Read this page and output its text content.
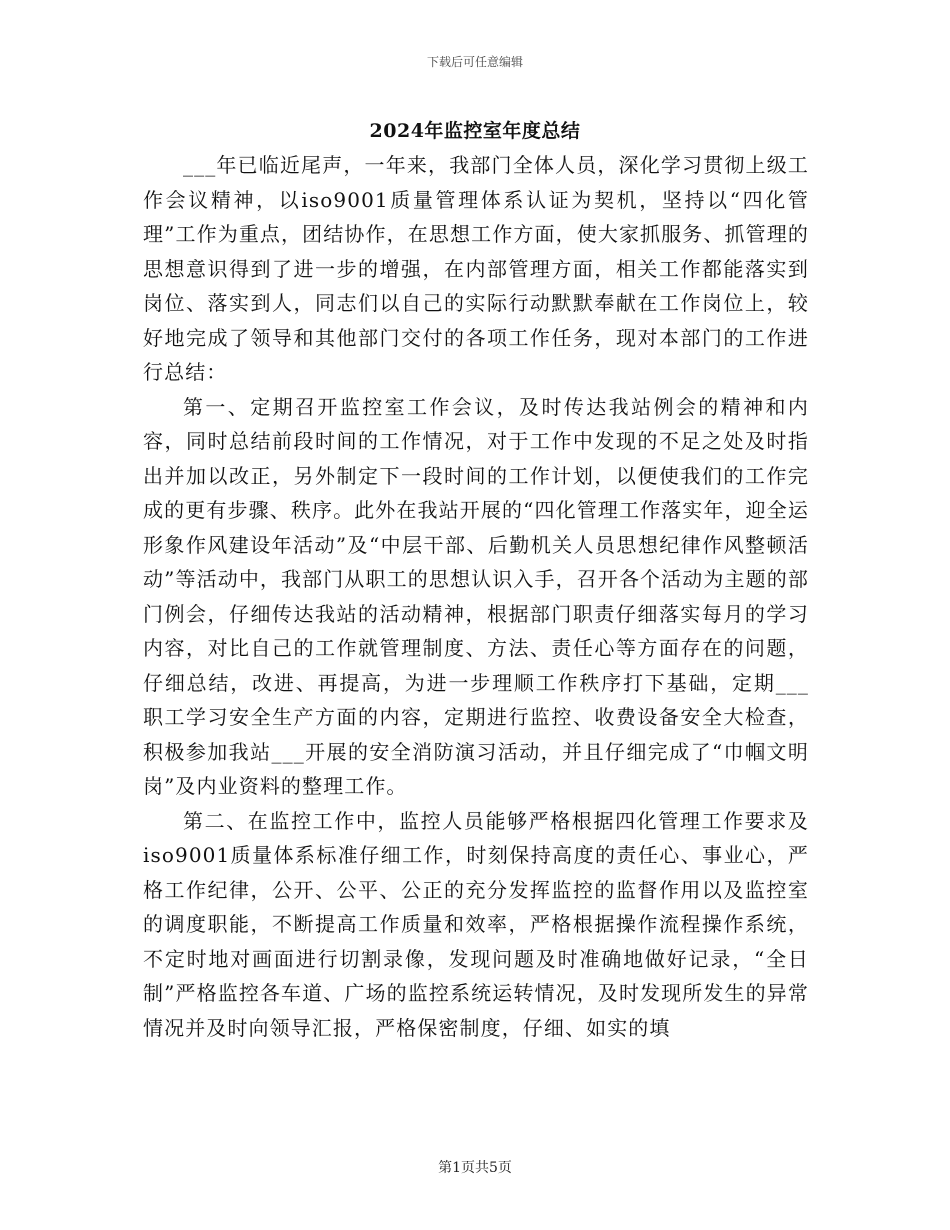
下载后可任意编辑
2024年监控室年度总结

___年已临近尾声，一年来，我部门全体人员，深化学习贯彻上级工作会议精神，以iso9001质量管理体系认证为契机，坚持以“四化管理”工作为重点，团结协作，在思想工作方面，使大家抓服务、抓管理的思想意识得到了进一步的增强，在内部管理方面，相关工作都能落实到岗位、落实到人，同志们以自己的实际行动默默奉献在工作岗位上，较好地完成了领导和其他部门交付的各项工作任务，现对本部门的工作进行总结：

第一、定期召开监控室工作会议，及时传达我站例会的精神和内容，同时总结前段时间的工作情况，对于工作中发现的不足之处及时指出并加以改正，另外制定下一段时间的工作计划，以便使我们的工作完成的更有步骤、秩序。此外在我站开展的“四化管理工作落实年，迎全运形象作风建设年活动”及“中层干部、后勤机关人员思想纪律作风整顿活动”等活动中，我部门从职工的思想认识入手，召开各个活动为主题的部门例会，仔细传达我站的活动精神，根据部门职责仔细落实每月的学习内容，对比自己的工作就管理制度、方法、责任心等方面存在的问题，仔细总结，改进、再提高，为进一步理顺工作秩序打下基础，定期___职工学习安全生产方面的内容，定期进行监控、收费设备安全大检查，积极参加我站___开展的安全消防演习活动，并且仔细完成了“巾帼文明岗”及内业资料的整理工作。

第二、在监控工作中，监控人员能够严格根据四化管理工作要求及iso9001质量体系标准仔细工作，时刻保持高度的责任心、事业心，严格工作纪律，公开、公平、公正的充分发挥监控的监督作用以及监控室的调度职能，不断提高工作质量和效率，严格根据操作流程操作系统，不定时地对画面进行切割录像，发现问题及时准确地做好记录，“全日制”严格监控各车道、广场的监控系统运转情况，及时发现所发生的异常情况并及时向领导汇报，严格保密制度，仔细、如实的填

第1页共5页
